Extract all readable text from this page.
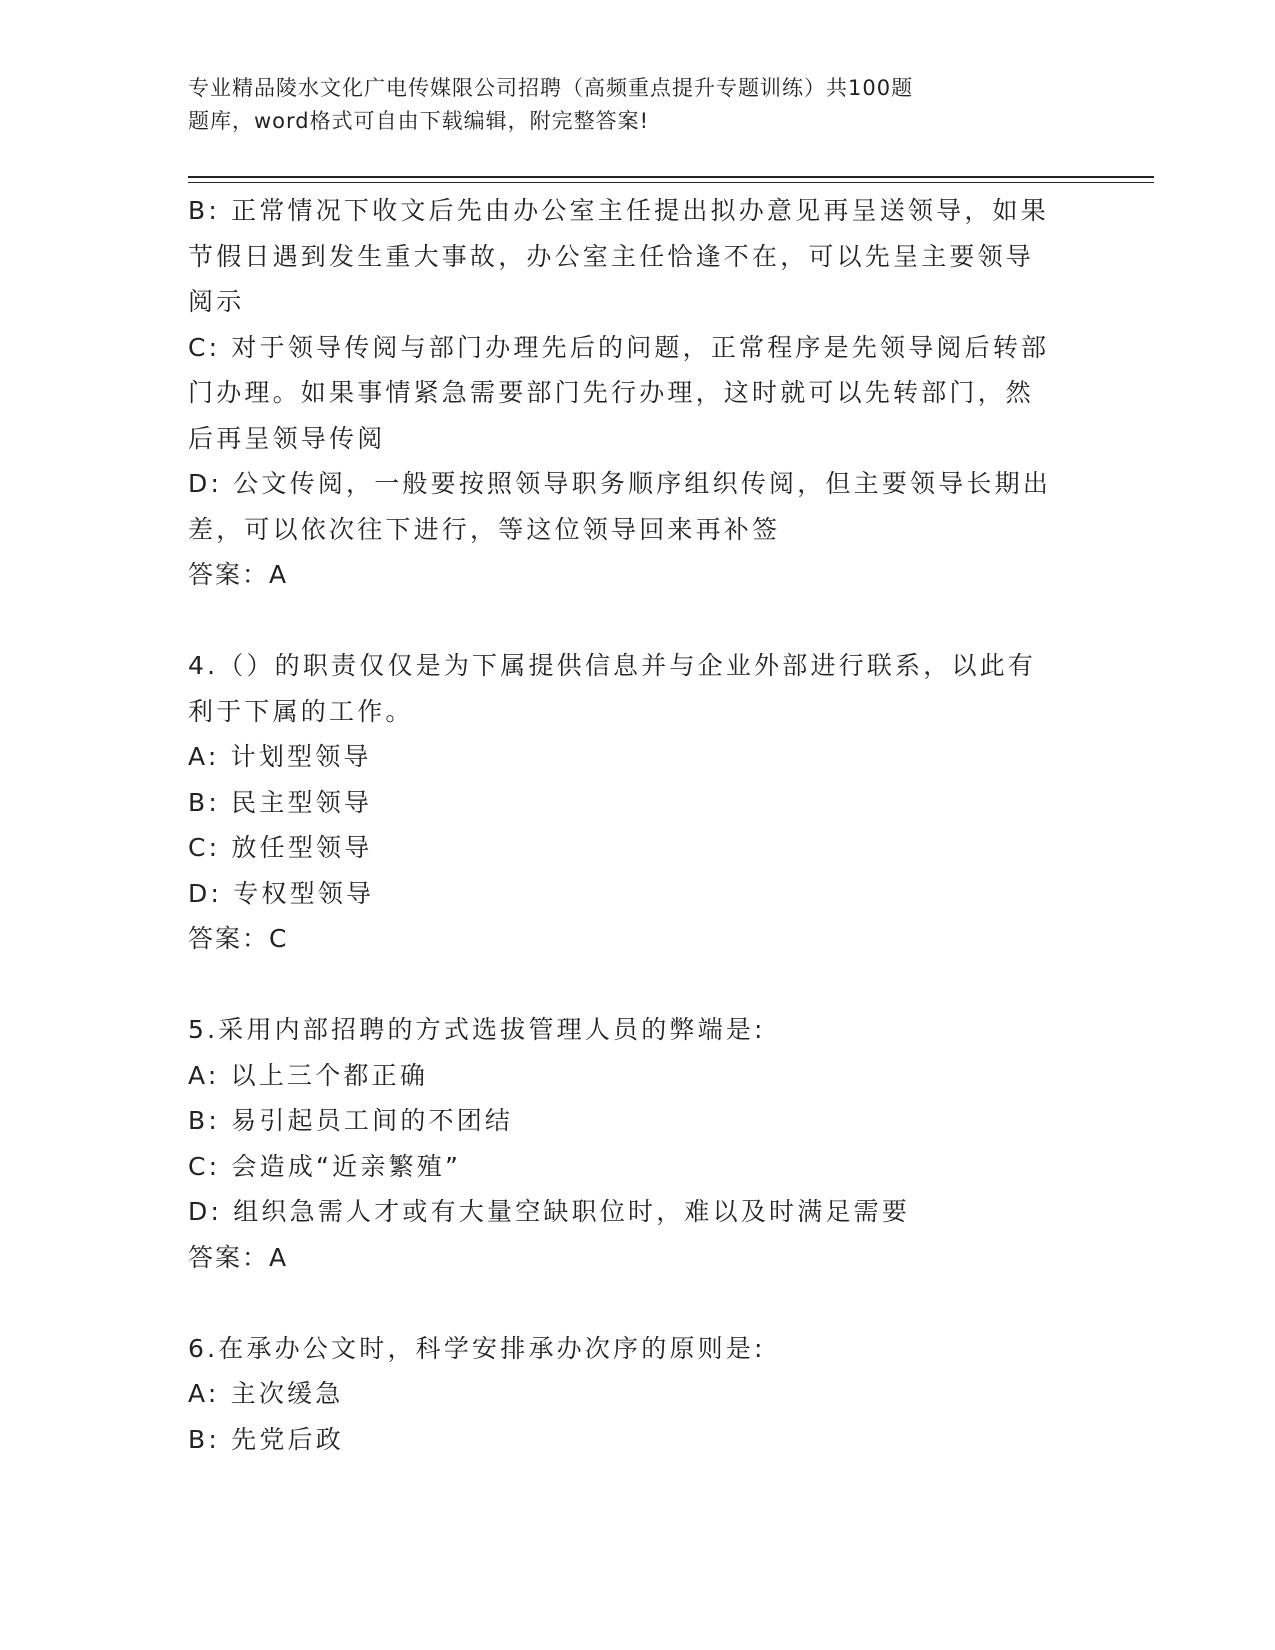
专业精品陵水文化广电传媒限公司招聘（高频重点提升专题训练）共100题
题库，word格式可自由下载编辑，附完整答案!
B: 正常情况下收文后先由办公室主任提出拟办意见再呈送领导，如果
节假日遇到发生重大事故，办公室主任恰逢不在，可以先呈主要领导
阅示
C: 对于领导传阅与部门办理先后的问题，正常程序是先领导阅后转部
门办理。如果事情紧急需要部门先行办理，这时就可以先转部门，然
后再呈领导传阅
D: 公文传阅，一般要按照领导职务顺序组织传阅，但主要领导长期出
差，可以依次往下进行，等这位领导回来再补签
答案：A
4.（）的职责仅仅是为下属提供信息并与企业外部进行联系，以此有
利于下属的工作。
A: 计划型领导
B: 民主型领导
C: 放任型领导
D: 专权型领导
答案：C
5.采用内部招聘的方式选拔管理人员的弊端是:
A: 以上三个都正确
B: 易引起员工间的不团结
C: 会造成“近亲繁殖”
D: 组织急需人才或有大量空缺职位时，难以及时满足需要
答案：A
6.在承办公文时，科学安排承办次序的原则是:
A: 主次缓急
B: 先党后政
